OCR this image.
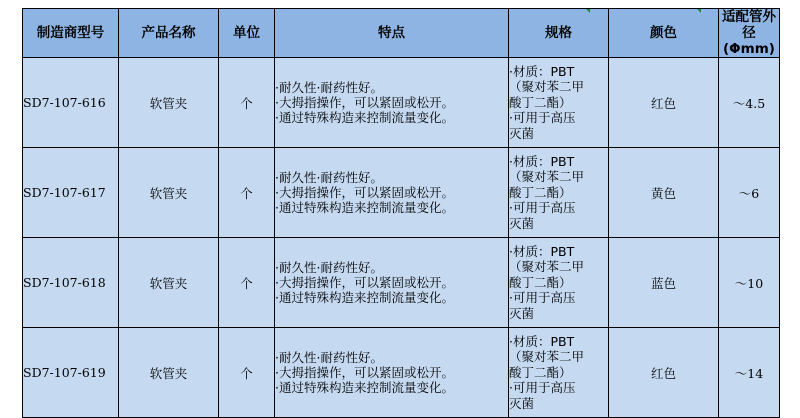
制造商型号	产品名称	单位	特点	规格	颜色	适配管外径(Φmm)
SD7-107-616	软管夹	个	·耐久性·耐药性好。
·大拇指操作，可以紧固或松开。
·通过特殊构造来控制流量变化。	·材质：PBT
（聚对苯二甲
酸丁二酯）
·可用于高压
灭菌	红色	～4.5
SD7-107-617	软管夹	个	·耐久性·耐药性好。
·大拇指操作，可以紧固或松开。
·通过特殊构造来控制流量变化。	·材质：PBT
（聚对苯二甲
酸丁二酯）
·可用于高压
灭菌	黄色	～6
SD7-107-618	软管夹	个	·耐久性·耐药性好。
·大拇指操作，可以紧固或松开。
·通过特殊构造来控制流量变化。	·材质：PBT
（聚对苯二甲
酸丁二酯）
·可用于高压
灭菌	蓝色	～10
SD7-107-619	软管夹	个	·耐久性·耐药性好。
·大拇指操作，可以紧固或松开。
·通过特殊构造来控制流量变化。	·材质：PBT
（聚对苯二甲
酸丁二酯）
·可用于高压
灭菌	红色	～14
